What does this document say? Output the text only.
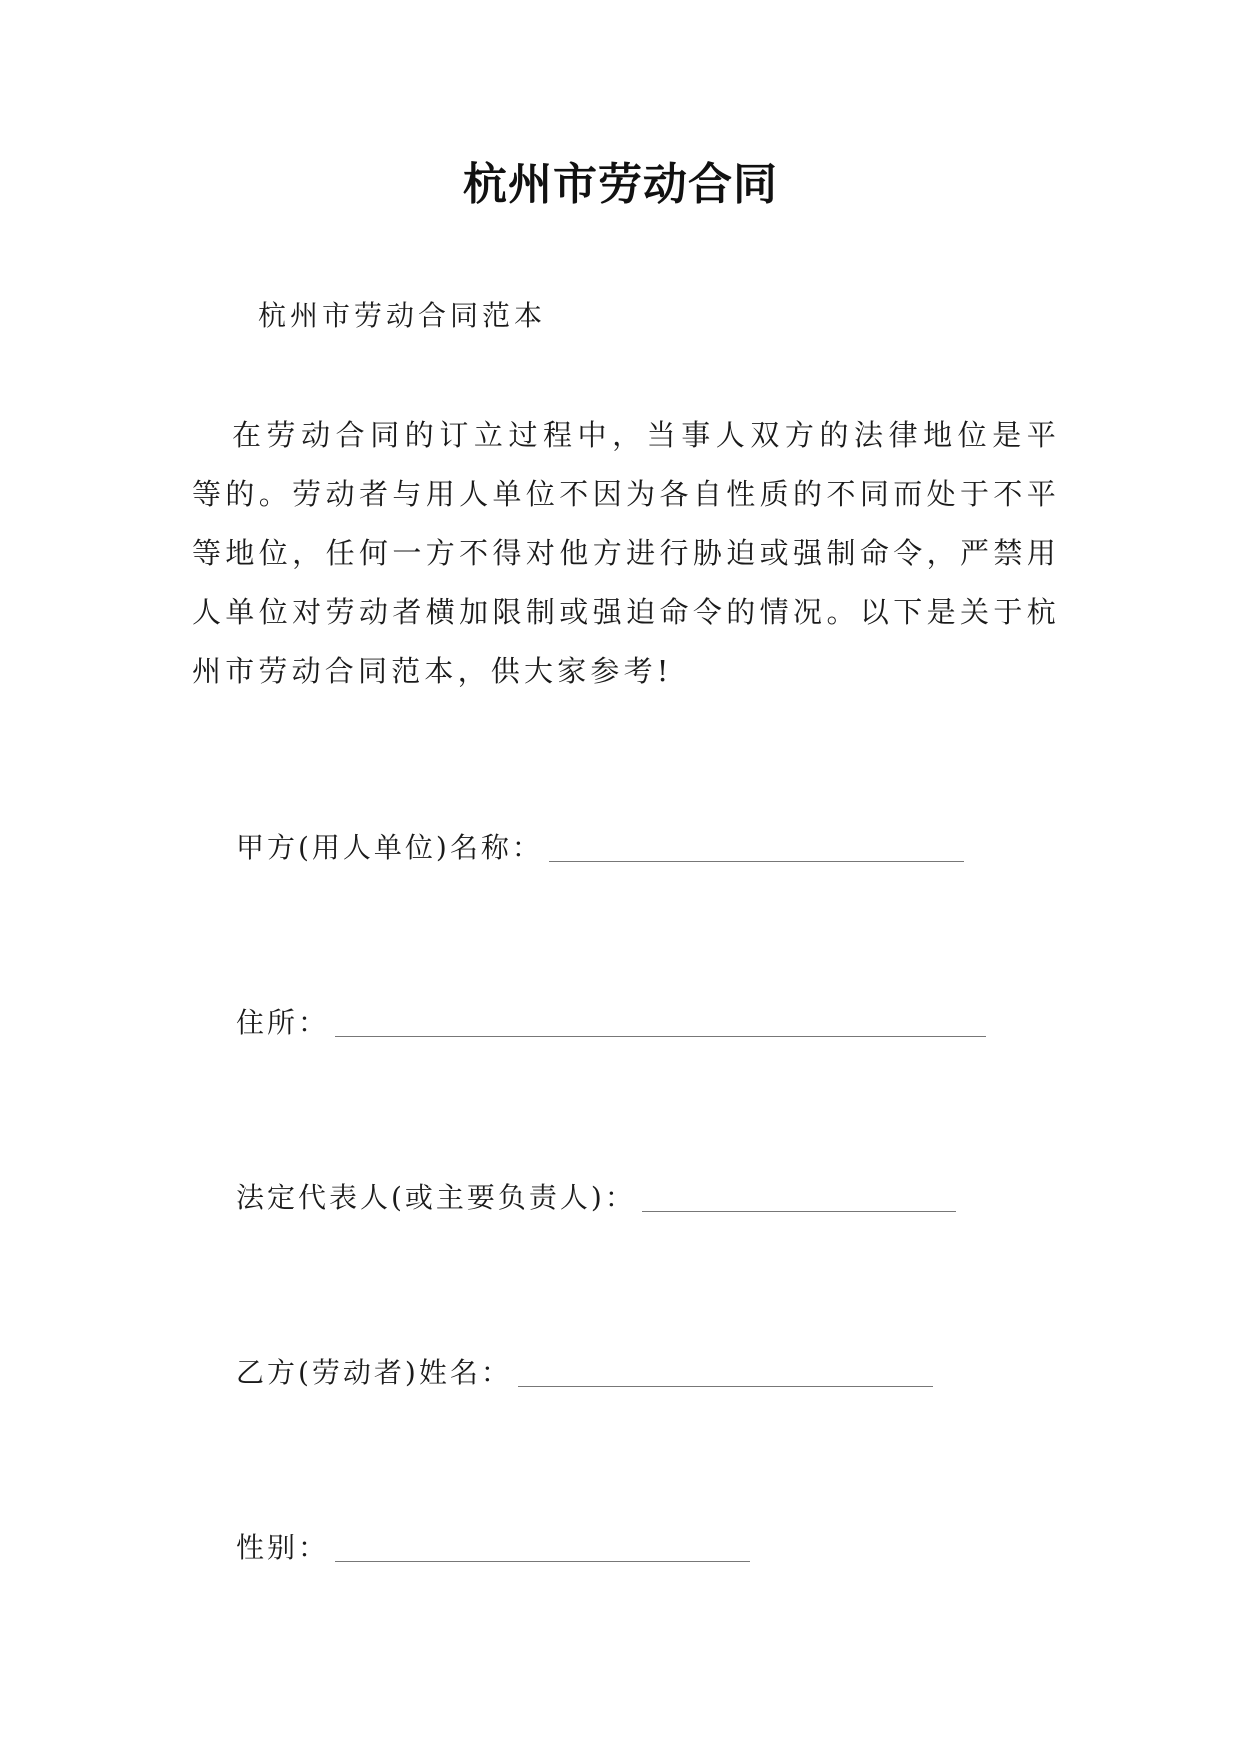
杭州市劳动合同
杭州市劳动合同范本

在劳动合同的订立过程中，当事人双方的法律地位是平等的。劳动者与用人单位不因为各自性质的不同而处于不平等地位，任何一方不得对他方进行胁迫或强制命令，严禁用人单位对劳动者横加限制或强迫命令的情况。以下是关于杭州市劳动合同范本，供大家参考!

甲方(用人单位)名称：
住所：
法定代表人(或主要负责人)：
乙方(劳动者)姓名：
性别：
